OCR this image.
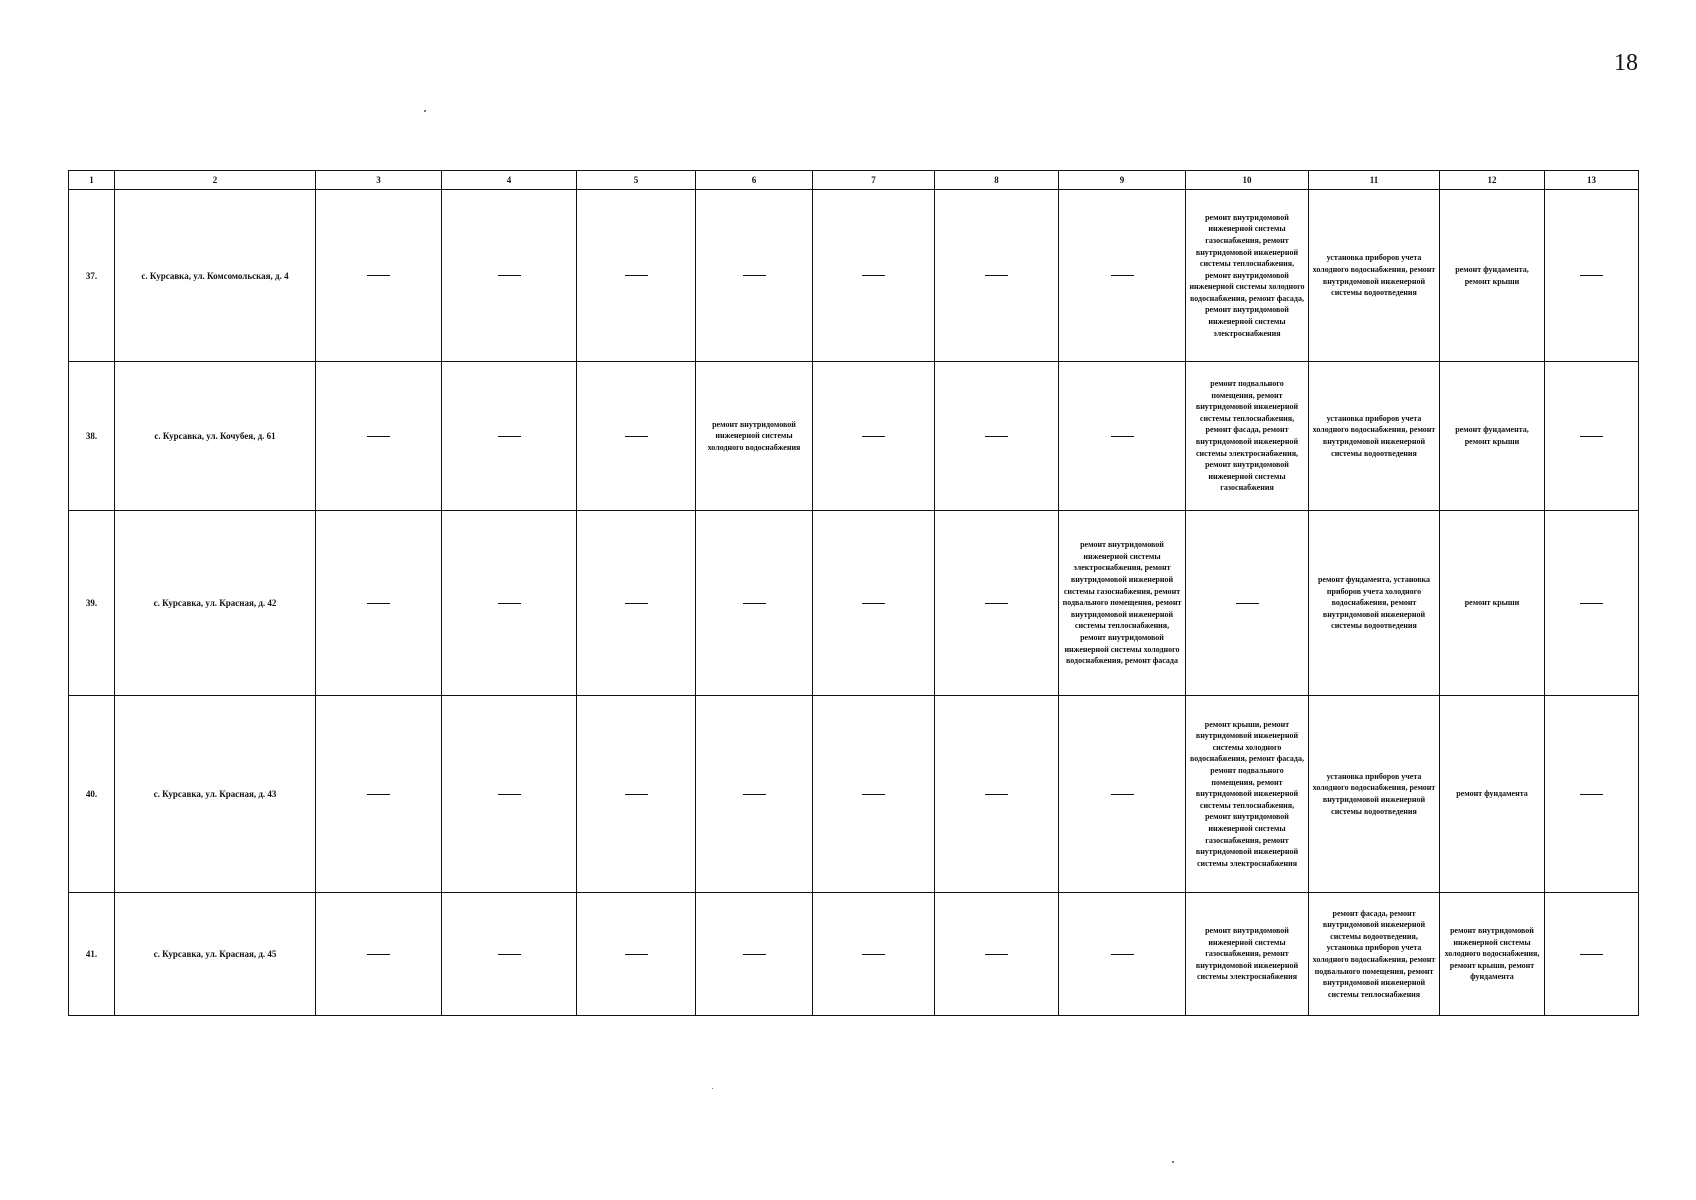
18
1	2	3	4	5	6	7	8	9	10	11	12	13
37.	с. Курсавка, ул. Комсомольская, д. 4								ремонт внутридомовой инженерной системы газоснабжения, ремонт внутридомовой инженерной системы теплоснабжения, ремонт внутридомовой инженерной системы холодного водоснабжения, ремонт фасада, ремонт внутридомовой инженерной системы электроснабжения	установка приборов учета холодного водоснабжения, ремонт внутридомовой инженерной системы водоотведения	ремонт фундамента, ремонт крыши	
38.	с. Курсавка, ул. Кочубея, д. 61				ремонт внутридомовой инженерной системы холодного водоснабжения				ремонт подвального помещения, ремонт внутридомовой инженерной системы теплоснабжения, ремонт фасада, ремонт внутридомовой инженерной системы электроснабжения, ремонт внутридомовой инженерной системы газоснабжения	установка приборов учета холодного водоснабжения, ремонт внутридомовой инженерной системы водоотведения	ремонт фундамента, ремонт крыши	
39.	с. Курсавка, ул. Красная, д. 42							ремонт внутридомовой инженерной системы электроснабжения, ремонт внутридомовой инженерной системы газоснабжения, ремонт подвального помещения, ремонт внутридомовой инженерной системы теплоснабжения, ремонт внутридомовой инженерной системы холодного водоснабжения, ремонт фасада		ремонт фундамента, установка приборов учета холодного водоснабжения, ремонт внутридомовой инженерной системы водоотведения	ремонт крыши	
40.	с. Курсавка, ул. Красная, д. 43								ремонт крыши, ремонт внутридомовой инженерной системы холодного водоснабжения, ремонт фасада, ремонт подвального помещения, ремонт внутридомовой инженерной системы теплоснабжения, ремонт внутридомовой инженерной системы газоснабжения, ремонт внутридомовой инженерной системы электроснабжения	установка приборов учета холодного водоснабжения, ремонт внутридомовой инженерной системы водоотведения	ремонт фундамента	
41.	с. Курсавка, ул. Красная, д. 45								ремонт внутридомовой инженерной системы газоснабжения, ремонт внутридомовой инженерной системы электроснабжения	ремонт фасада, ремонт внутридомовой инженерной системы водоотведения, установка приборов учета холодного водоснабжения, ремонт подвального помещения, ремонт внутридомовой инженерной системы теплоснабжения	ремонт внутридомовой инженерной системы холодного водоснабжения, ремонт крыши, ремонт фундамента	
